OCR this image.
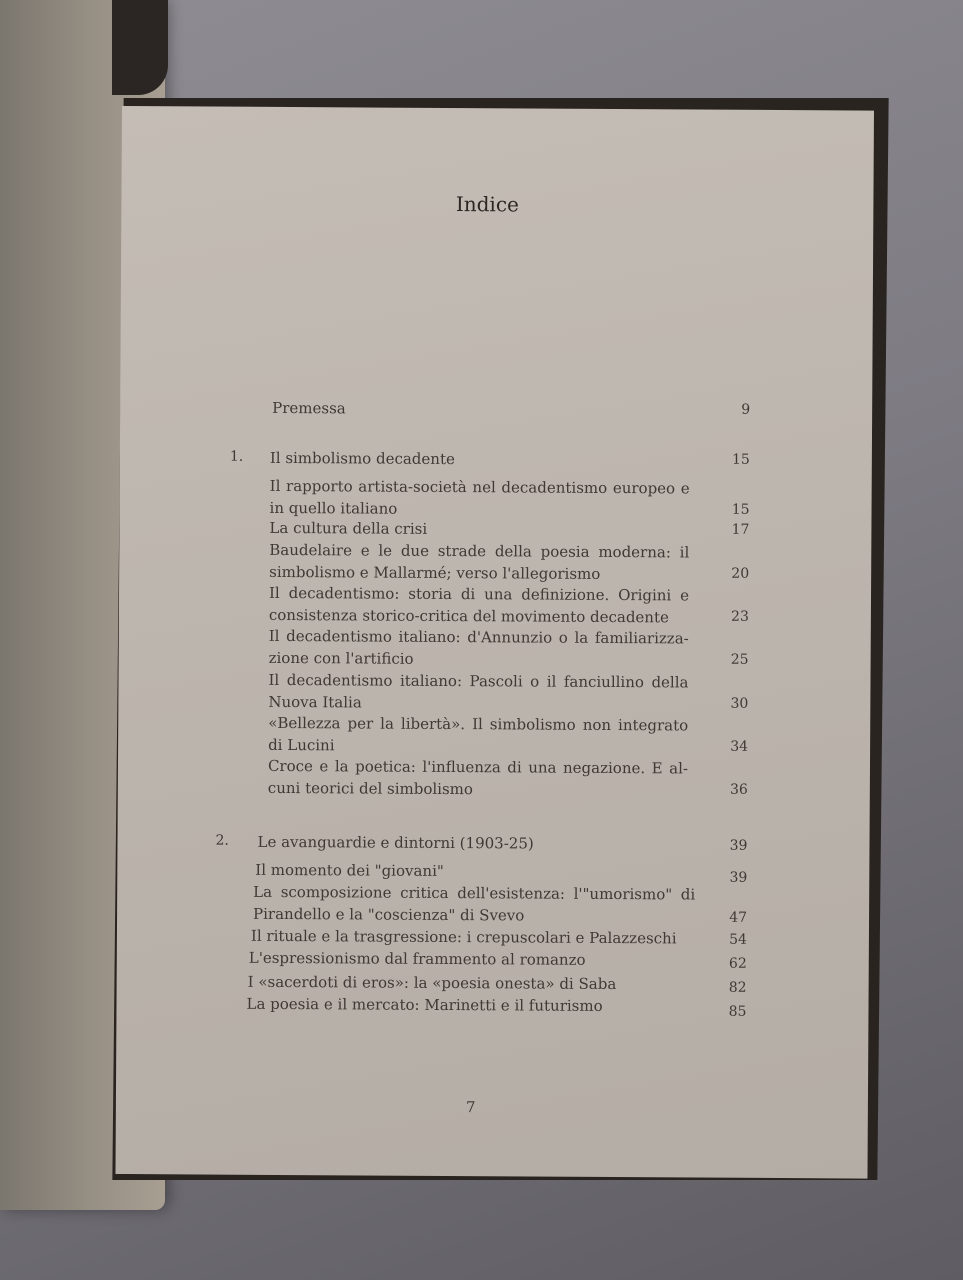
Indice
Premessa	9
1. Il simbolismo decadente	15
Il rapporto artista-società nel decadentismo europeo e in quello italiano	15
La cultura della crisi	17
Baudelaire e le due strade della poesia moderna: il simbolismo e Mallarmé; verso l'allegorismo	20
Il decadentismo: storia di una definizione. Origini e consistenza storico-critica del movimento decadente	23
Il decadentismo italiano: d'Annunzio o la familiarizza-zione con l'artificio	25
Il decadentismo italiano: Pascoli o il fanciullino della Nuova Italia	30
«Bellezza per la libertà». Il simbolismo non integrato di Lucini	34
Croce e la poetica: l'influenza di una negazione. E al-cuni teorici del simbolismo	36
2. Le avanguardie e dintorni (1903-25)	39
Il momento dei "giovani"	39
La scomposizione critica dell'esistenza: l'"umorismo" di Pirandello e la "coscienza" di Svevo	47
Il rituale e la trasgressione: i crepuscolari e Palazzeschi	54
L'espressionismo dal frammento al romanzo	62
I «sacerdoti di eros»: la «poesia onesta» di Saba	82
La poesia e il mercato: Marinetti e il futurismo	85
7
